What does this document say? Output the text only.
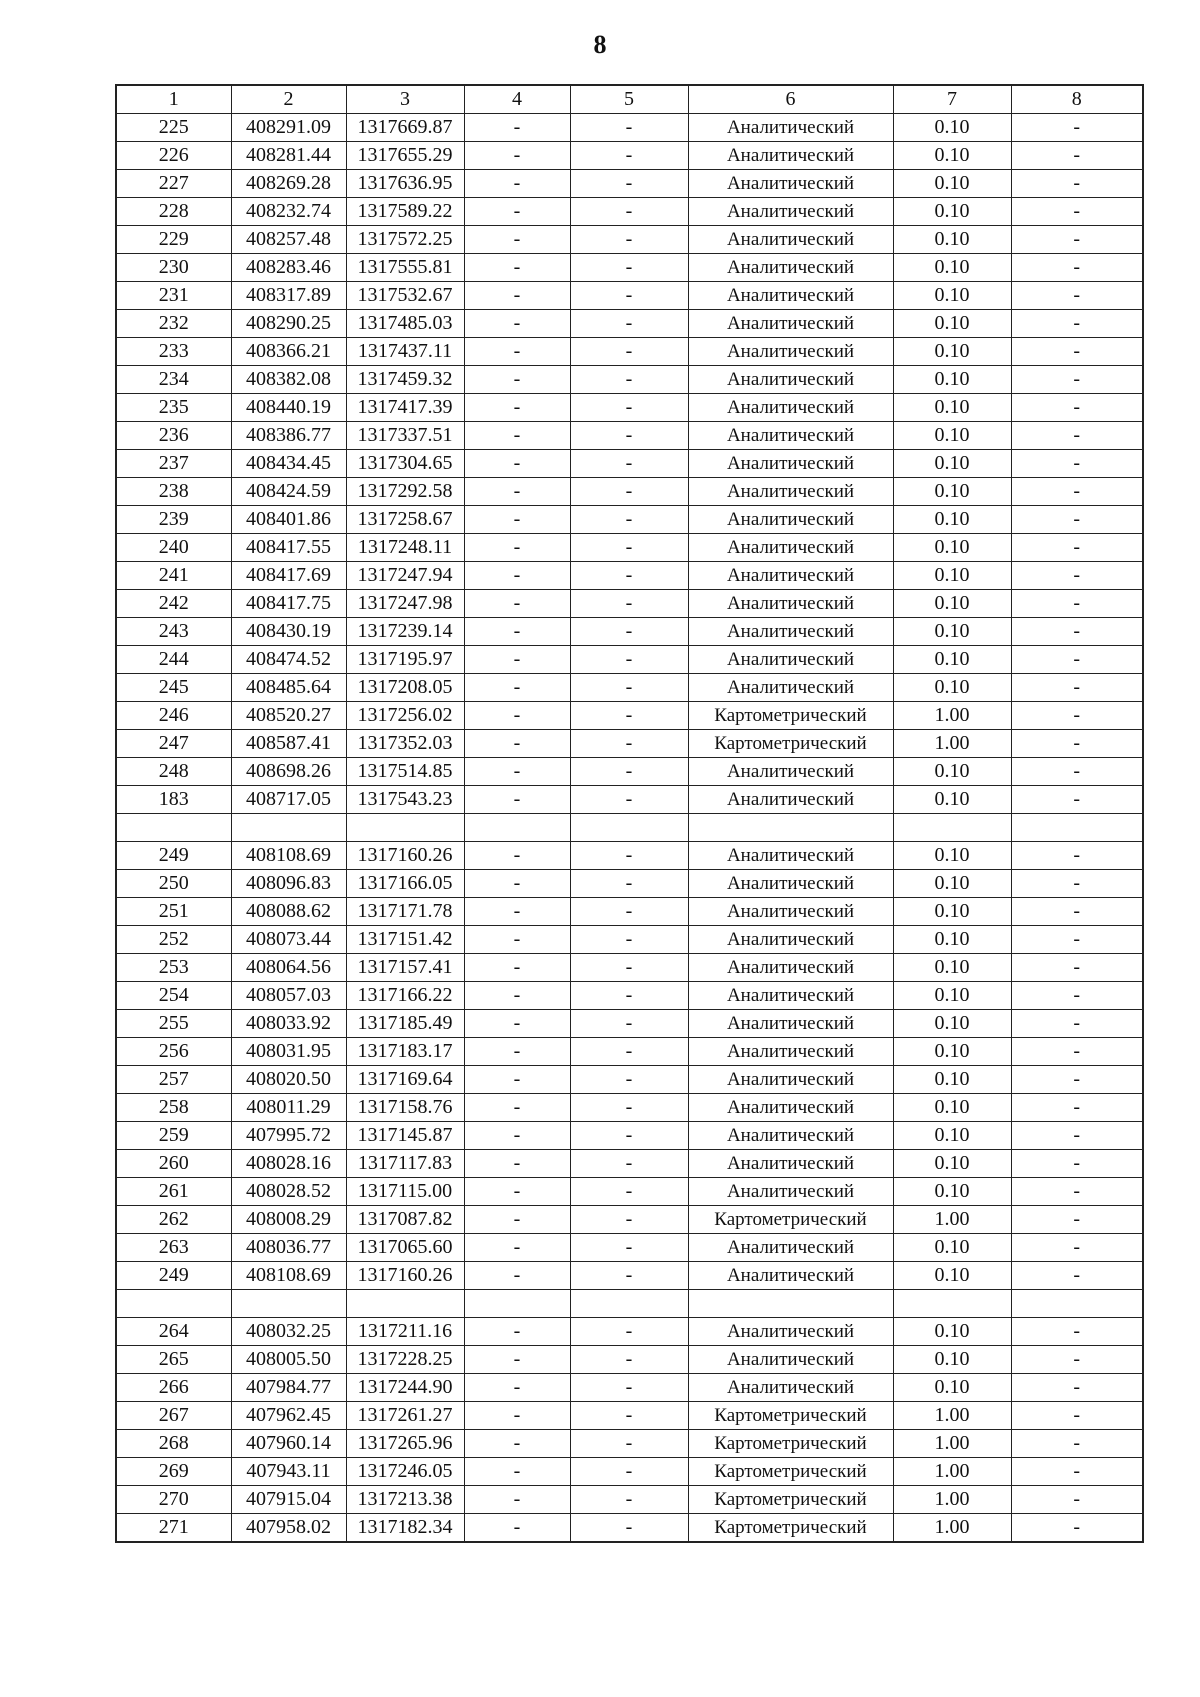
8
1	2	3	4	5	6	7	8
225	408291.09	1317669.87	-	-	Аналитический	0.10	-
226	408281.44	1317655.29	-	-	Аналитический	0.10	-
227	408269.28	1317636.95	-	-	Аналитический	0.10	-
228	408232.74	1317589.22	-	-	Аналитический	0.10	-
229	408257.48	1317572.25	-	-	Аналитический	0.10	-
230	408283.46	1317555.81	-	-	Аналитический	0.10	-
231	408317.89	1317532.67	-	-	Аналитический	0.10	-
232	408290.25	1317485.03	-	-	Аналитический	0.10	-
233	408366.21	1317437.11	-	-	Аналитический	0.10	-
234	408382.08	1317459.32	-	-	Аналитический	0.10	-
235	408440.19	1317417.39	-	-	Аналитический	0.10	-
236	408386.77	1317337.51	-	-	Аналитический	0.10	-
237	408434.45	1317304.65	-	-	Аналитический	0.10	-
238	408424.59	1317292.58	-	-	Аналитический	0.10	-
239	408401.86	1317258.67	-	-	Аналитический	0.10	-
240	408417.55	1317248.11	-	-	Аналитический	0.10	-
241	408417.69	1317247.94	-	-	Аналитический	0.10	-
242	408417.75	1317247.98	-	-	Аналитический	0.10	-
243	408430.19	1317239.14	-	-	Аналитический	0.10	-
244	408474.52	1317195.97	-	-	Аналитический	0.10	-
245	408485.64	1317208.05	-	-	Аналитический	0.10	-
246	408520.27	1317256.02	-	-	Картометрический	1.00	-
247	408587.41	1317352.03	-	-	Картометрический	1.00	-
248	408698.26	1317514.85	-	-	Аналитический	0.10	-
183	408717.05	1317543.23	-	-	Аналитический	0.10	-

249	408108.69	1317160.26	-	-	Аналитический	0.10	-
250	408096.83	1317166.05	-	-	Аналитический	0.10	-
251	408088.62	1317171.78	-	-	Аналитический	0.10	-
252	408073.44	1317151.42	-	-	Аналитический	0.10	-
253	408064.56	1317157.41	-	-	Аналитический	0.10	-
254	408057.03	1317166.22	-	-	Аналитический	0.10	-
255	408033.92	1317185.49	-	-	Аналитический	0.10	-
256	408031.95	1317183.17	-	-	Аналитический	0.10	-
257	408020.50	1317169.64	-	-	Аналитический	0.10	-
258	408011.29	1317158.76	-	-	Аналитический	0.10	-
259	407995.72	1317145.87	-	-	Аналитический	0.10	-
260	408028.16	1317117.83	-	-	Аналитический	0.10	-
261	408028.52	1317115.00	-	-	Аналитический	0.10	-
262	408008.29	1317087.82	-	-	Картометрический	1.00	-
263	408036.77	1317065.60	-	-	Аналитический	0.10	-
249	408108.69	1317160.26	-	-	Аналитический	0.10	-

264	408032.25	1317211.16	-	-	Аналитический	0.10	-
265	408005.50	1317228.25	-	-	Аналитический	0.10	-
266	407984.77	1317244.90	-	-	Аналитический	0.10	-
267	407962.45	1317261.27	-	-	Картометрический	1.00	-
268	407960.14	1317265.96	-	-	Картометрический	1.00	-
269	407943.11	1317246.05	-	-	Картометрический	1.00	-
270	407915.04	1317213.38	-	-	Картометрический	1.00	-
271	407958.02	1317182.34	-	-	Картометрический	1.00	-
